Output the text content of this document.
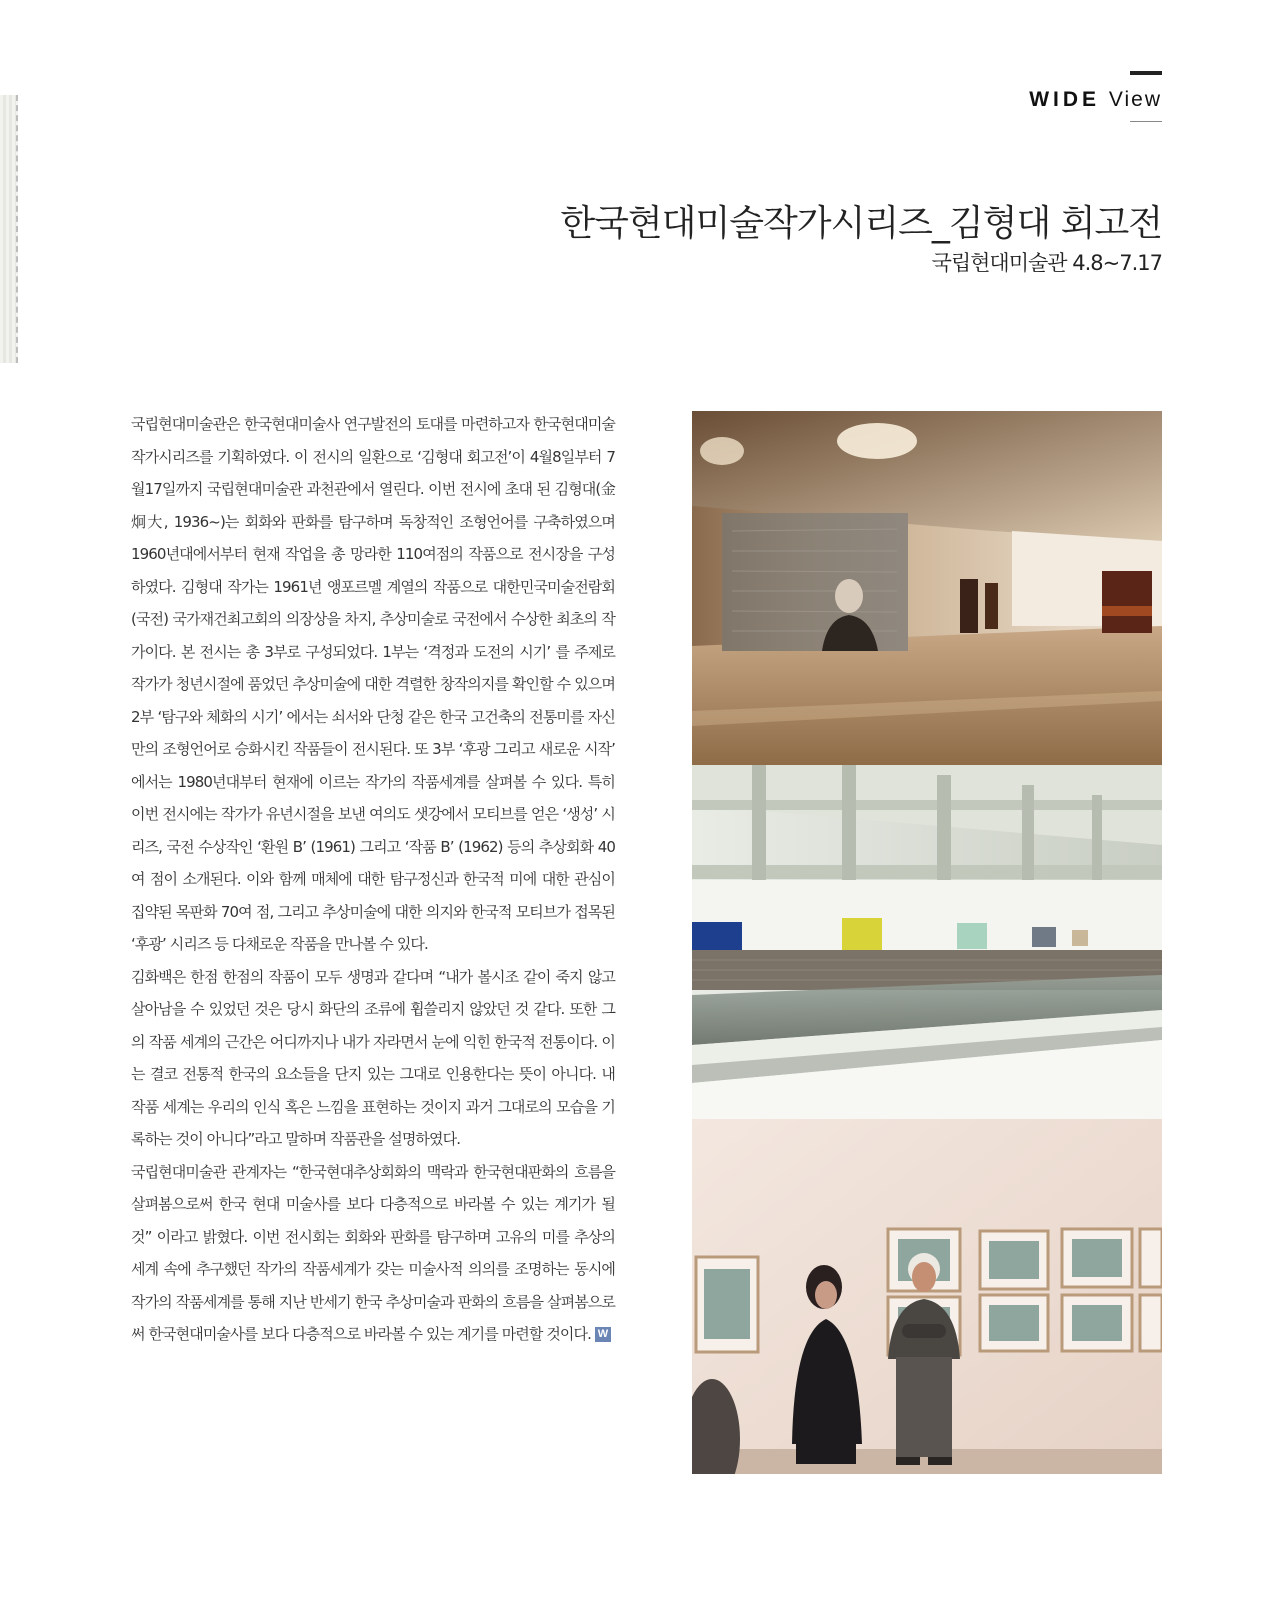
WIDE View
한국현대미술작가시리즈_김형대 회고전
국립현대미술관 4.8~7.17

국립현대미술관은 한국현대미술사 연구발전의 토대를 마련하고자 한국현대미술작가시리즈를 기획하였다. 이 전시의 일환으로 ‘김형대 회고전’이 4월8일부터 7월17일까지 국립현대미술관 과천관에서 열린다. 이번 전시에 초대 된 김형대(金炯大, 1936~)는 회화와 판화를 탐구하며 독창적인 조형언어를 구축하였으며 1960년대에서부터 현재 작업을 총 망라한 110여점의 작품으로 전시장을 구성하였다. 김형대 작가는 1961년 앵포르멜 계열의 작품으로 대한민국미술전람회(국전) 국가재건최고회의 의장상을 차지, 추상미술로 국전에서 수상한 최초의 작가이다. 본 전시는 총 3부로 구성되었다. 1부는 ‘격정과 도전의 시기’ 를 주제로 작가가 청년시절에 품었던 추상미술에 대한 격렬한 창작의지를 확인할 수 있으며 2부 ‘탐구와 체화의 시기’ 에서는 쇠서와 단청 같은 한국 고건축의 전통미를 자신만의 조형언어로 승화시킨 작품들이 전시된다. 또 3부 ‘후광 그리고 새로운 시작’ 에서는 1980년대부터 현재에 이르는 작가의 작품세계를 살펴볼 수 있다. 특히 이번 전시에는 작가가 유년시절을 보낸 여의도 샛강에서 모티브를 얻은 ‘생성’ 시리즈, 국전 수상작인 ‘환원 B’ (1961) 그리고 ‘작품 B’ (1962) 등의 추상회화 40여 점이 소개된다. 이와 함께 매체에 대한 탐구정신과 한국적 미에 대한 관심이 집약된 목판화 70여 점, 그리고 추상미술에 대한 의지와 한국적 모티브가 접목된 ‘후광’ 시리즈 등 다채로운 작품을 만나볼 수 있다.

김화백은 한점 한점의 작품이 모두 생명과 같다며 “내가 볼시조 같이 죽지 않고 살아남을 수 있었던 것은 당시 화단의 조류에 휩쓸리지 않았던 것 같다. 또한 그의 작품 세계의 근간은 어디까지나 내가 자라면서 눈에 익힌 한국적 전통이다. 이는 결코 전통적 한국의 요소들을 단지 있는 그대로 인용한다는 뜻이 아니다. 내 작품 세계는 우리의 인식 혹은 느낌을 표현하는 것이지 과거 그대로의 모습을 기록하는 것이 아니다”라고 말하며 작품관을 설명하였다.

국립현대미술관 관계자는 “한국현대추상회화의 맥락과 한국현대판화의 흐름을 살펴봄으로써 한국 현대 미술사를 보다 다층적으로 바라볼 수 있는 계기가 될 것” 이라고 밝혔다. 이번 전시회는 회화와 판화를 탐구하며 고유의 미를 추상의 세계 속에 추구했던 작가의 작품세계가 갖는 미술사적 의의를 조명하는 동시에 작가의 작품세계를 통해 지난 반세기 한국 추상미술과 판화의 흐름을 살펴봄으로써 한국현대미술사를 보다 다층적으로 바라볼 수 있는 계기를 마련할 것이다. W
